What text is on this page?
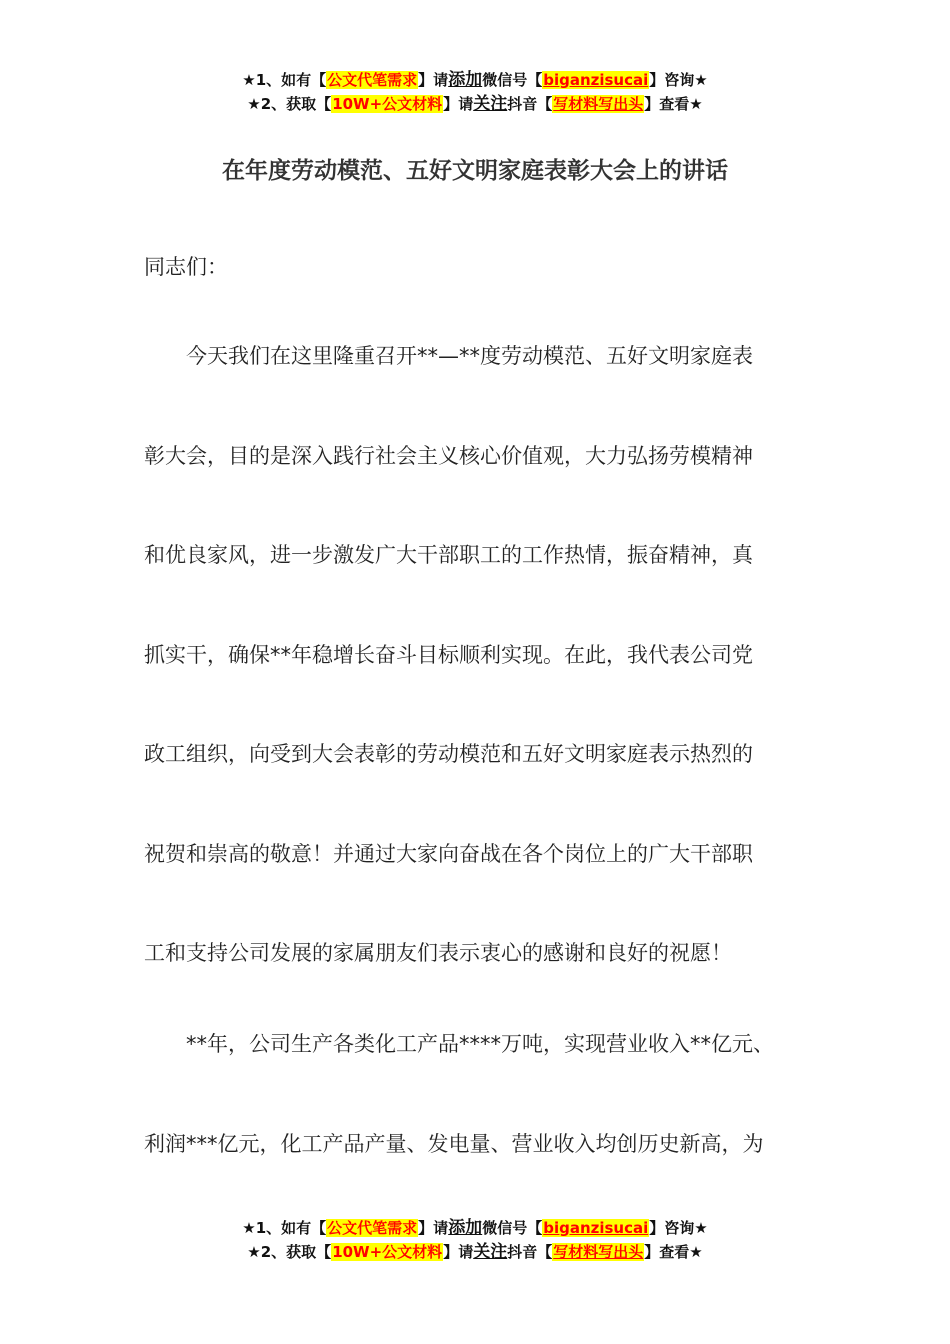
★1、如有【公文代笔需求】请添加微信号【biganzisucai】咨询★
★2、获取【10W+公文材料】请关注抖音【写材料写出头】查看★
在年度劳动模范、五好文明家庭表彰大会上的讲话
同志们：
今天我们在这里隆重召开**—**度劳动模范、五好文明家庭表
彰大会，目的是深入践行社会主义核心价值观，大力弘扬劳模精神
和优良家风，进一步激发广大干部职工的工作热情，振奋精神，真
抓实干，确保**年稳增长奋斗目标顺利实现。在此，我代表公司党
政工组织，向受到大会表彰的劳动模范和五好文明家庭表示热烈的
祝贺和崇高的敬意！并通过大家向奋战在各个岗位上的广大干部职
工和支持公司发展的家属朋友们表示衷心的感谢和良好的祝愿！
**年，公司生产各类化工产品****万吨，实现营业收入**亿元、
利润***亿元，化工产品产量、发电量、营业收入均创历史新高，为
★1、如有【公文代笔需求】请添加微信号【biganzisucai】咨询★
★2、获取【10W+公文材料】请关注抖音【写材料写出头】查看★
